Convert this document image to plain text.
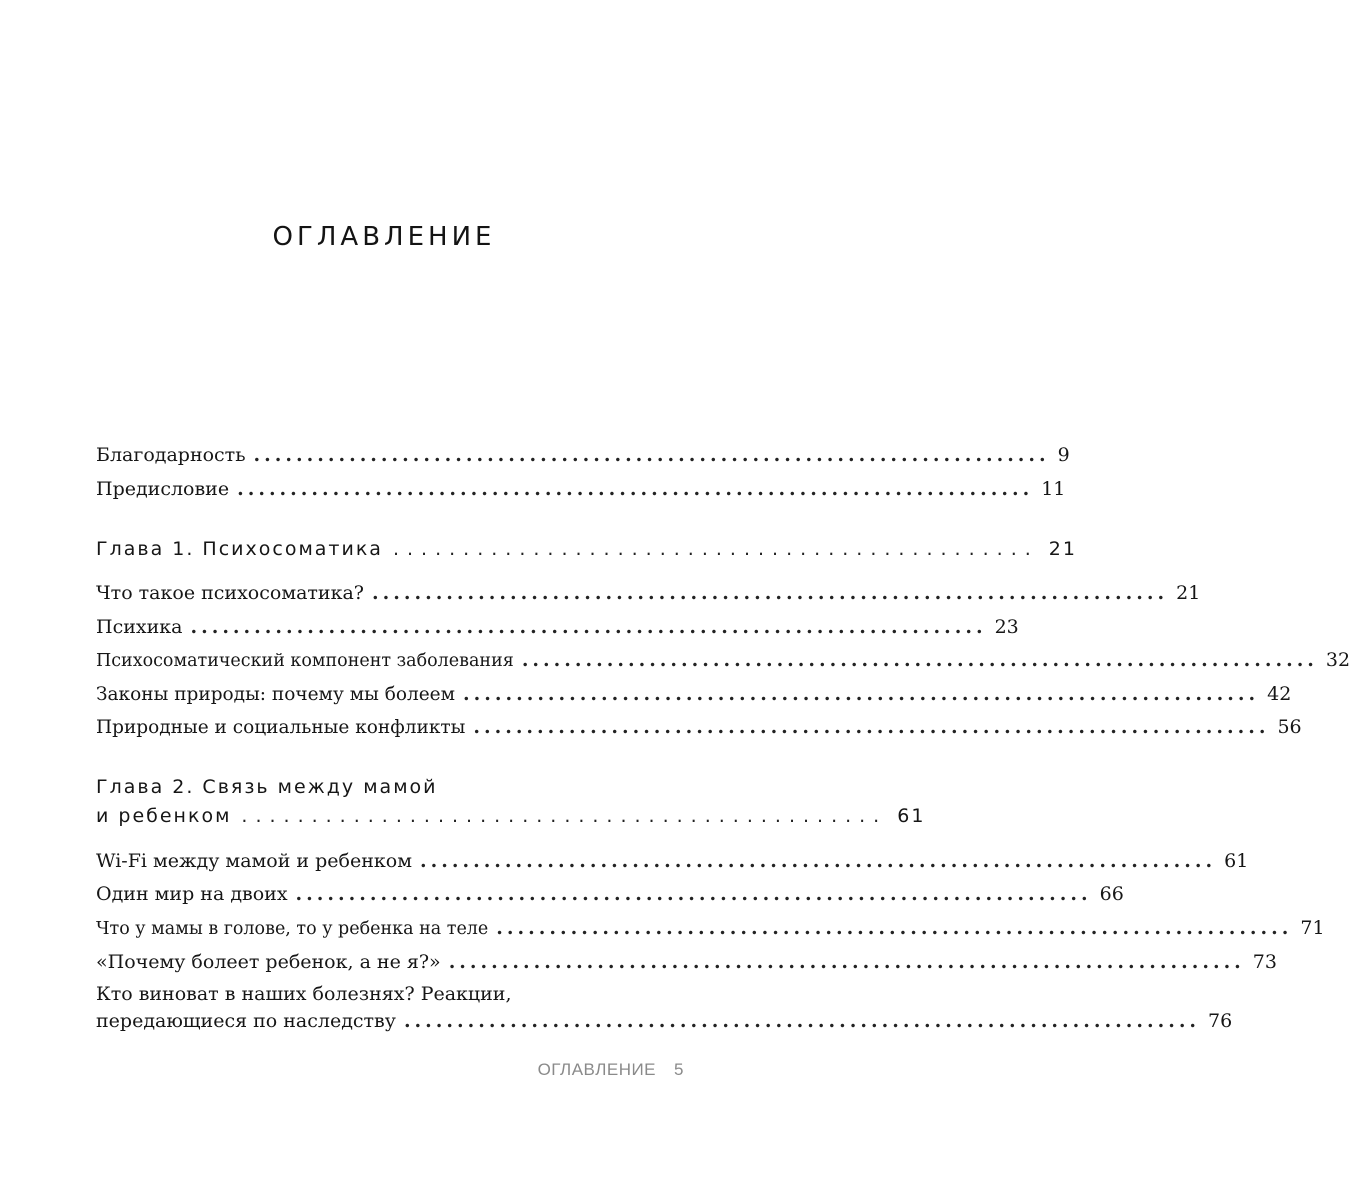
ОГЛАВЛЕНИЕ
Благодарность ........................................................................... 9
Предисловие ........................................................................... 11
Глава 1. Психосоматика .............................................. 21
Что такое психосоматика? ........................................................................... 21
Психика ........................................................................... 23
Психосоматический компонент заболевания ........................................................................... 32
Законы природы: почему мы болеем ........................................................................... 42
Природные и социальные конфликты ........................................................................... 56
Глава 2. Связь между мамой
и ребенком .............................................. 61
Wi-Fi между мамой и ребенком ........................................................................... 61
Один мир на двоих ........................................................................... 66
Что у мамы в голове, то у ребенка на теле ........................................................................... 71
«Почему болеет ребенок, а не я?» ........................................................................... 73
Кто виноват в наших болезнях? Реакции,
передающиеся по наследству ........................................................................... 76
ОГЛАВЛЕНИЕ 5
